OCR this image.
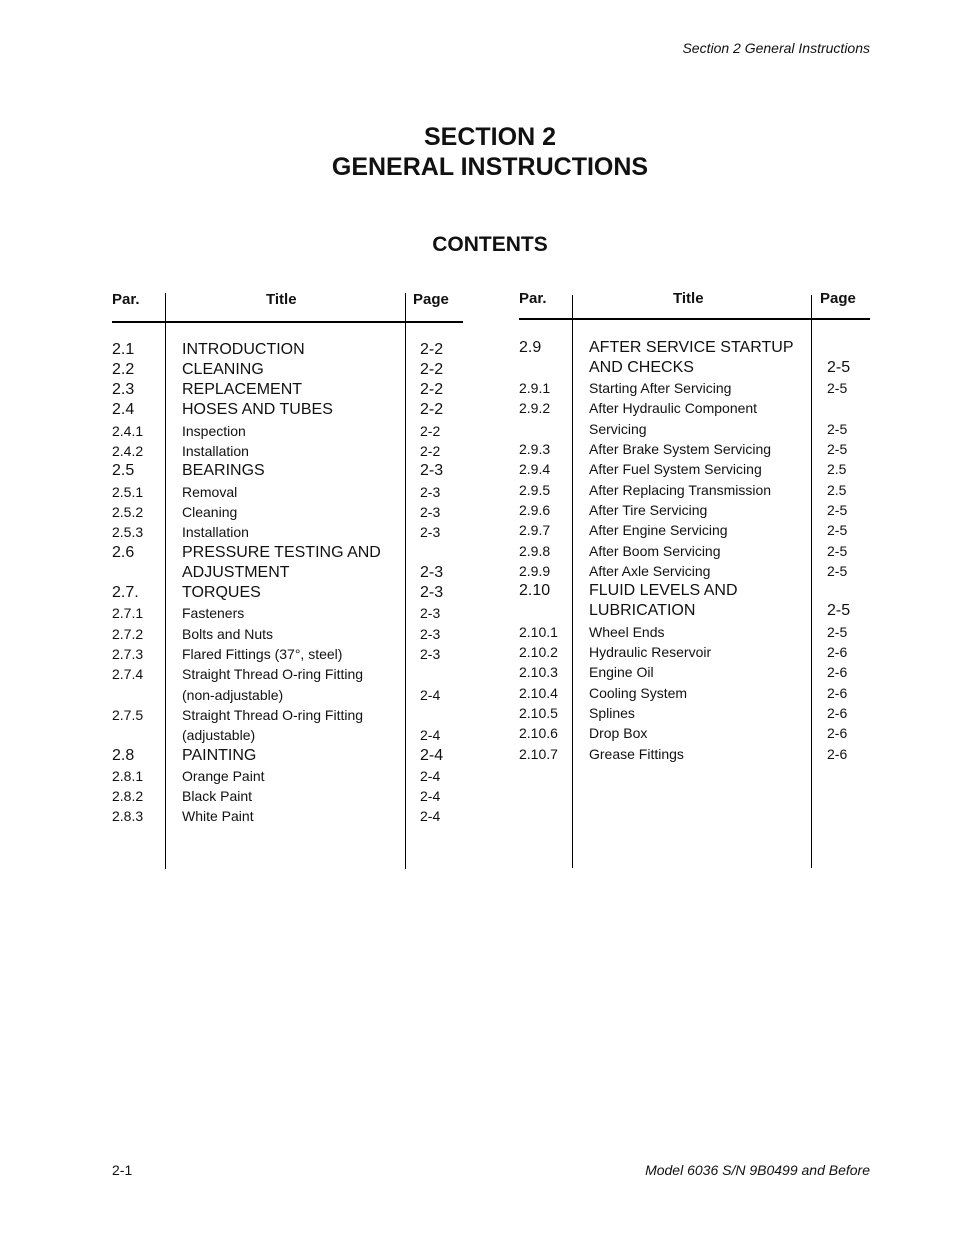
Section 2 General Instructions
SECTION 2
GENERAL INSTRUCTIONS
CONTENTS
Par.	Title	Page
2.1	INTRODUCTION	2-2
2.2	CLEANING	2-2
2.3	REPLACEMENT	2-2
2.4	HOSES AND TUBES	2-2
2.4.1	Inspection	2-2
2.4.2	Installation	2-2
2.5	BEARINGS	2-3
2.5.1	Removal	2-3
2.5.2	Cleaning	2-3
2.5.3	Installation	2-3
2.6	PRESSURE TESTING AND
ADJUSTMENT	2-3
2.7.	TORQUES	2-3
2.7.1	Fasteners	2-3
2.7.2	Bolts and Nuts	2-3
2.7.3	Flared Fittings (37°, steel)	2-3
2.7.4	Straight Thread O-ring Fitting
(non-adjustable)	2-4
2.7.5	Straight Thread O-ring Fitting
(adjustable)	2-4
2.8	PAINTING	2-4
2.8.1	Orange Paint	2-4
2.8.2	Black Paint	2-4
2.8.3	White Paint	2-4
Par.	Title	Page
2.9	AFTER SERVICE STARTUP
AND CHECKS	2-5
2.9.1	Starting After Servicing	2-5
2.9.2	After Hydraulic Component
Servicing	2-5
2.9.3	After Brake System Servicing	2-5
2.9.4	After Fuel System Servicing	2.5
2.9.5	After Replacing Transmission	2.5
2.9.6	After Tire Servicing	2-5
2.9.7	After Engine Servicing	2-5
2.9.8	After Boom Servicing	2-5
2.9.9	After Axle Servicing	2-5
2.10 FLUID LEVELS AND
LUBRICATION	2-5
2.10.1 Wheel Ends	2-5
2.10.2 Hydraulic Reservoir	2-6
2.10.3 Engine Oil	2-6
2.10.4 Cooling System	2-6
2.10.5 Splines	2-6
2.10.6 Drop Box	2-6
2.10.7 Grease Fittings	2-6
2-1	Model 6036 S/N 9B0499 and Before
